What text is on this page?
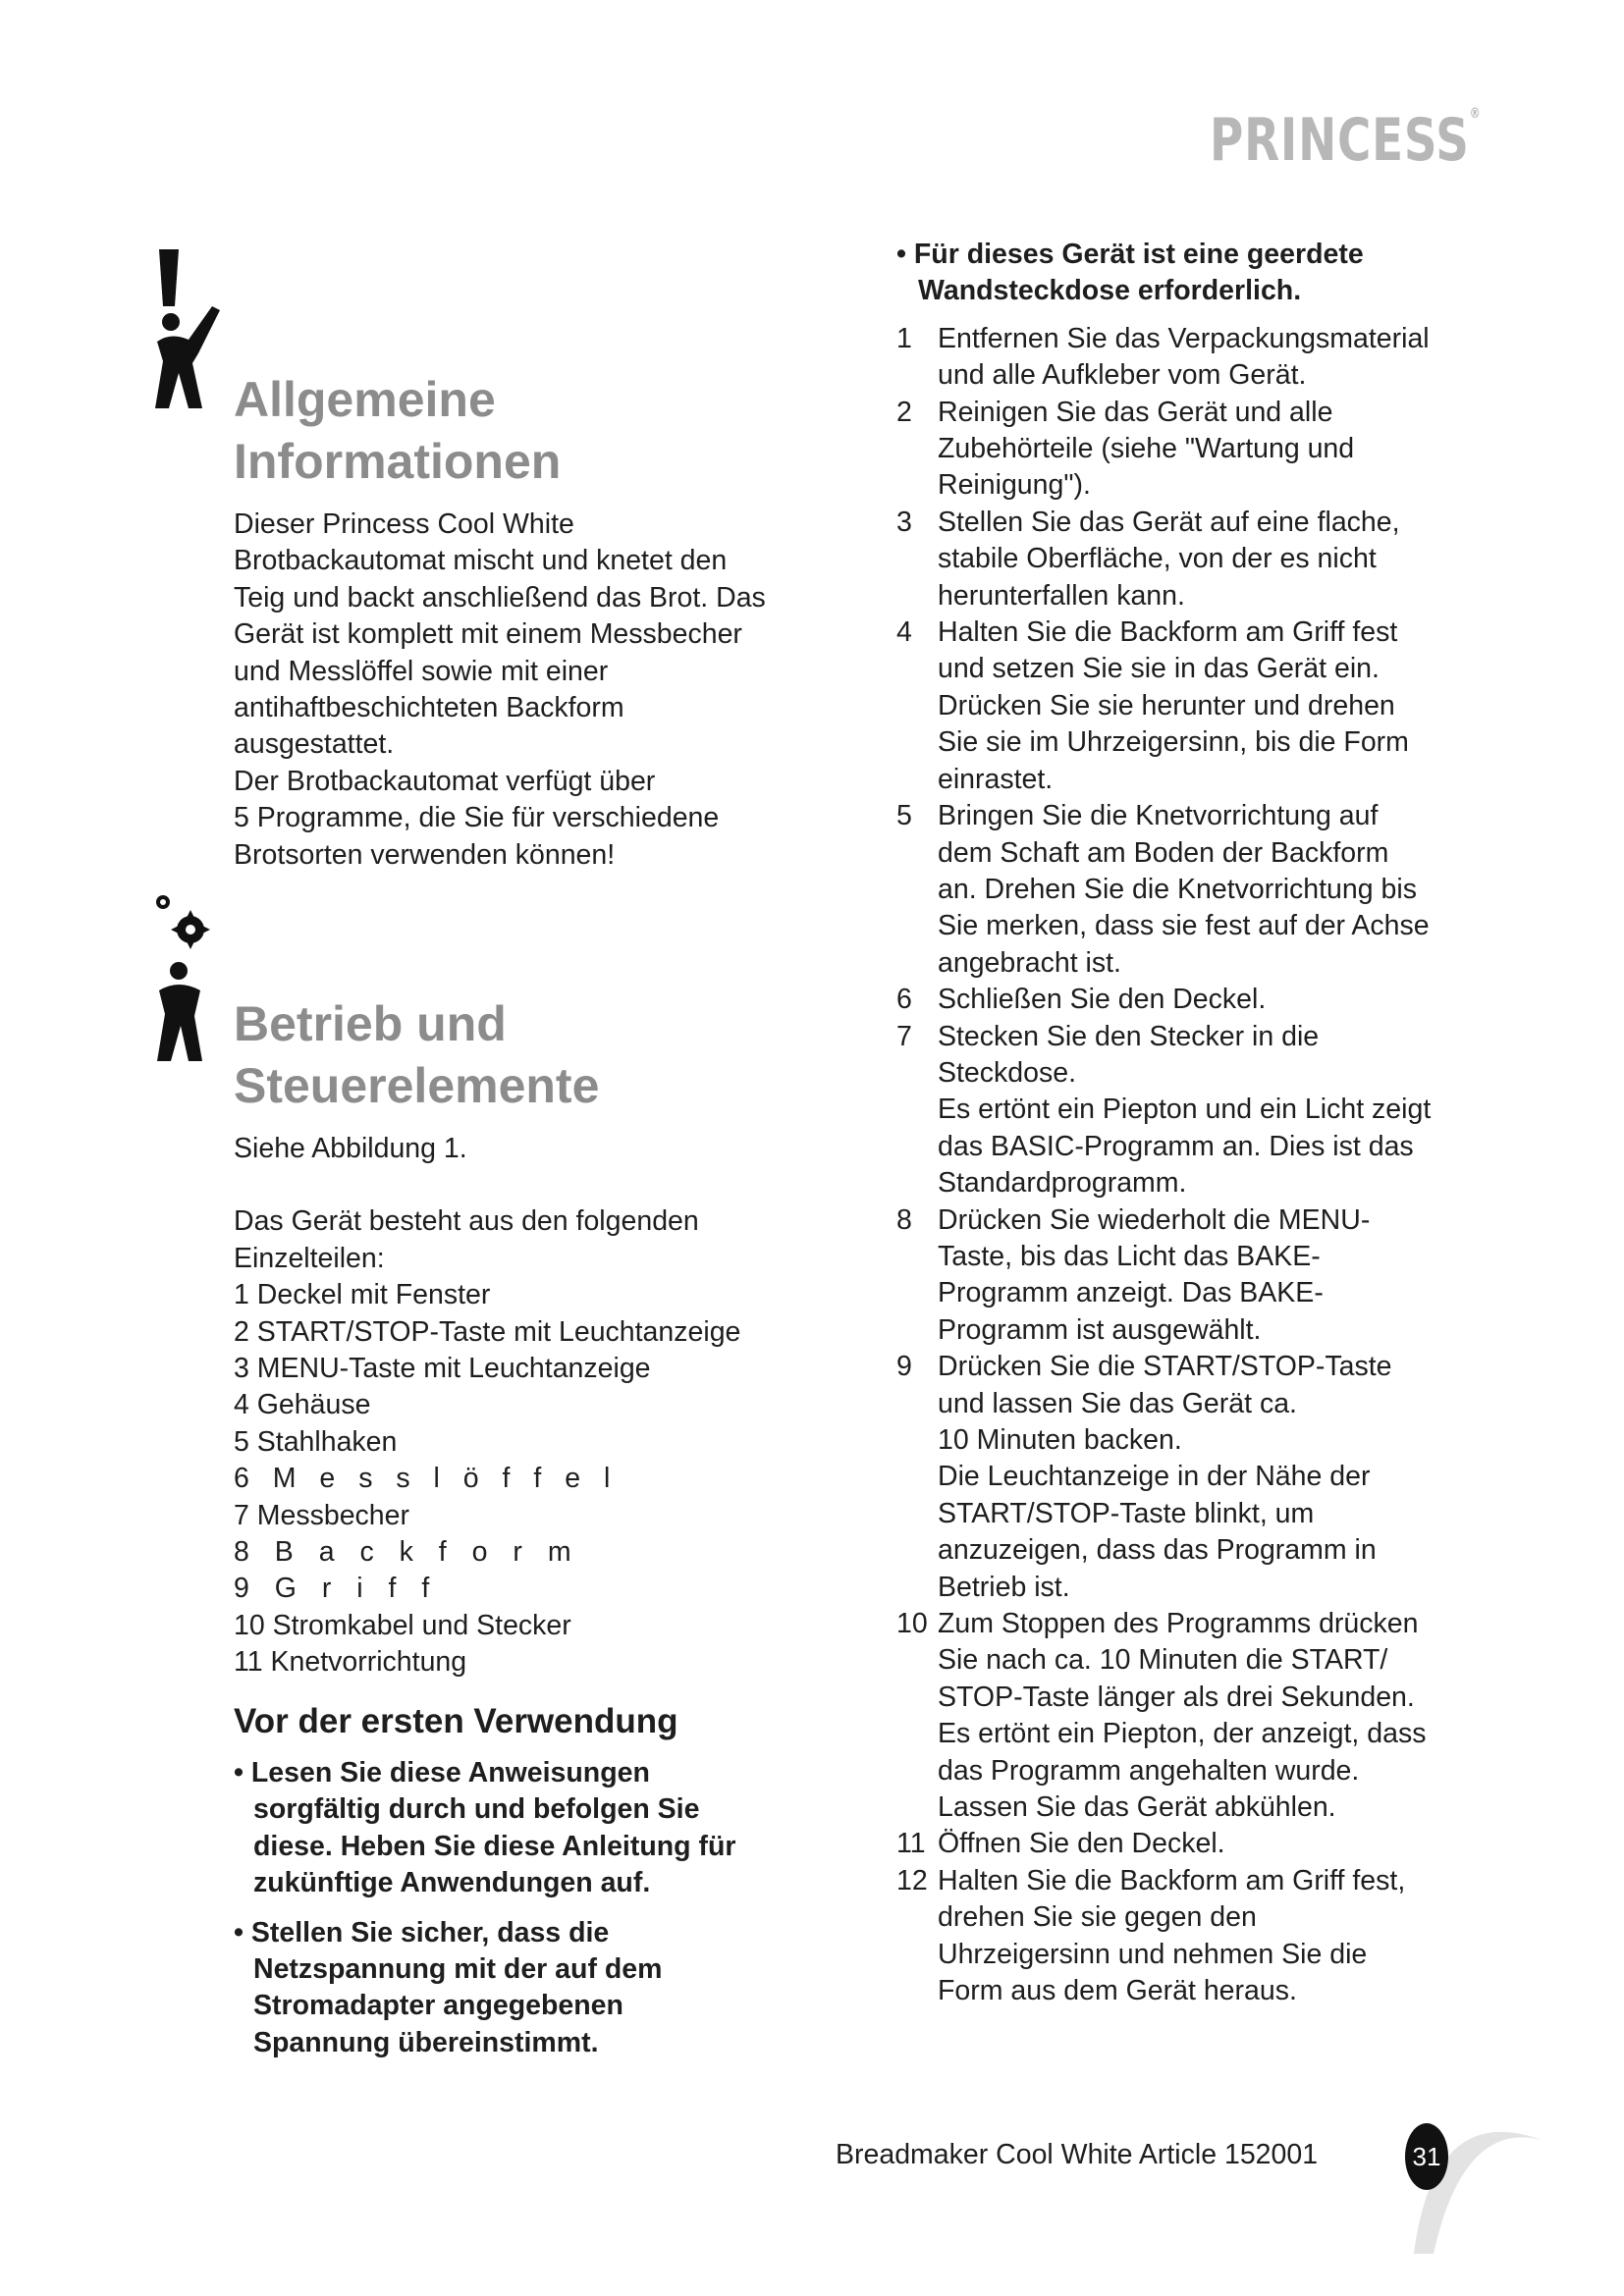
PRINCESS®
Allgemeine
Informationen
Dieser Princess Cool White
Brotbackautomat mischt und knetet den
Teig und backt anschließend das Brot. Das
Gerät ist komplett mit einem Messbecher
und Messlöffel sowie mit einer
antihaftbeschichteten Backform
ausgestattet.
Der Brotbackautomat verfügt über
5 Programme, die Sie für verschiedene
Brotsorten verwenden können!
Betrieb und
Steuerelemente
Siehe Abbildung 1.
Das Gerät besteht aus den folgenden
Einzelteilen:
1 Deckel mit Fenster
2 START/STOP-Taste mit Leuchtanzeige
3 MENU-Taste mit Leuchtanzeige
4 Gehäuse
5 Stahlhaken
6 M e s s l ö f f e l
7 Messbecher
8 B a c k f o r m
9 G r i f f
10 Stromkabel und Stecker
11 Knetvorrichtung
Vor der ersten Verwendung
• Lesen Sie diese Anweisungen
sorgfältig durch und befolgen Sie
diese. Heben Sie diese Anleitung für
zukünftige Anwendungen auf.
• Stellen Sie sicher, dass die
Netzspannung mit der auf dem
Stromadapter angegebenen
Spannung übereinstimmt.
• Für dieses Gerät ist eine geerdete
Wandsteckdose erforderlich.
1 Entfernen Sie das Verpackungsmaterial
und alle Aufkleber vom Gerät.
2 Reinigen Sie das Gerät und alle
Zubehörteile (siehe "Wartung und
Reinigung").
3 Stellen Sie das Gerät auf eine flache,
stabile Oberfläche, von der es nicht
herunterfallen kann.
4 Halten Sie die Backform am Griff fest
und setzen Sie sie in das Gerät ein.
Drücken Sie sie herunter und drehen
Sie sie im Uhrzeigersinn, bis die Form
einrastet.
5 Bringen Sie die Knetvorrichtung auf
dem Schaft am Boden der Backform
an. Drehen Sie die Knetvorrichtung bis
Sie merken, dass sie fest auf der Achse
angebracht ist.
6 Schließen Sie den Deckel.
7 Stecken Sie den Stecker in die
Steckdose.
Es ertönt ein Piepton und ein Licht zeigt
das BASIC-Programm an. Dies ist das
Standardprogramm.
8 Drücken Sie wiederholt die MENU-
Taste, bis das Licht das BAKE-
Programm anzeigt. Das BAKE-
Programm ist ausgewählt.
9 Drücken Sie die START/STOP-Taste
und lassen Sie das Gerät ca.
10 Minuten backen.
Die Leuchtanzeige in der Nähe der
START/STOP-Taste blinkt, um
anzuzeigen, dass das Programm in
Betrieb ist.
10 Zum Stoppen des Programms drücken
Sie nach ca. 10 Minuten die START/
STOP-Taste länger als drei Sekunden.
Es ertönt ein Piepton, der anzeigt, dass
das Programm angehalten wurde.
Lassen Sie das Gerät abkühlen.
11 Öffnen Sie den Deckel.
12 Halten Sie die Backform am Griff fest,
drehen Sie sie gegen den
Uhrzeigersinn und nehmen Sie die
Form aus dem Gerät heraus.
Breadmaker Cool White Article 152001	31
